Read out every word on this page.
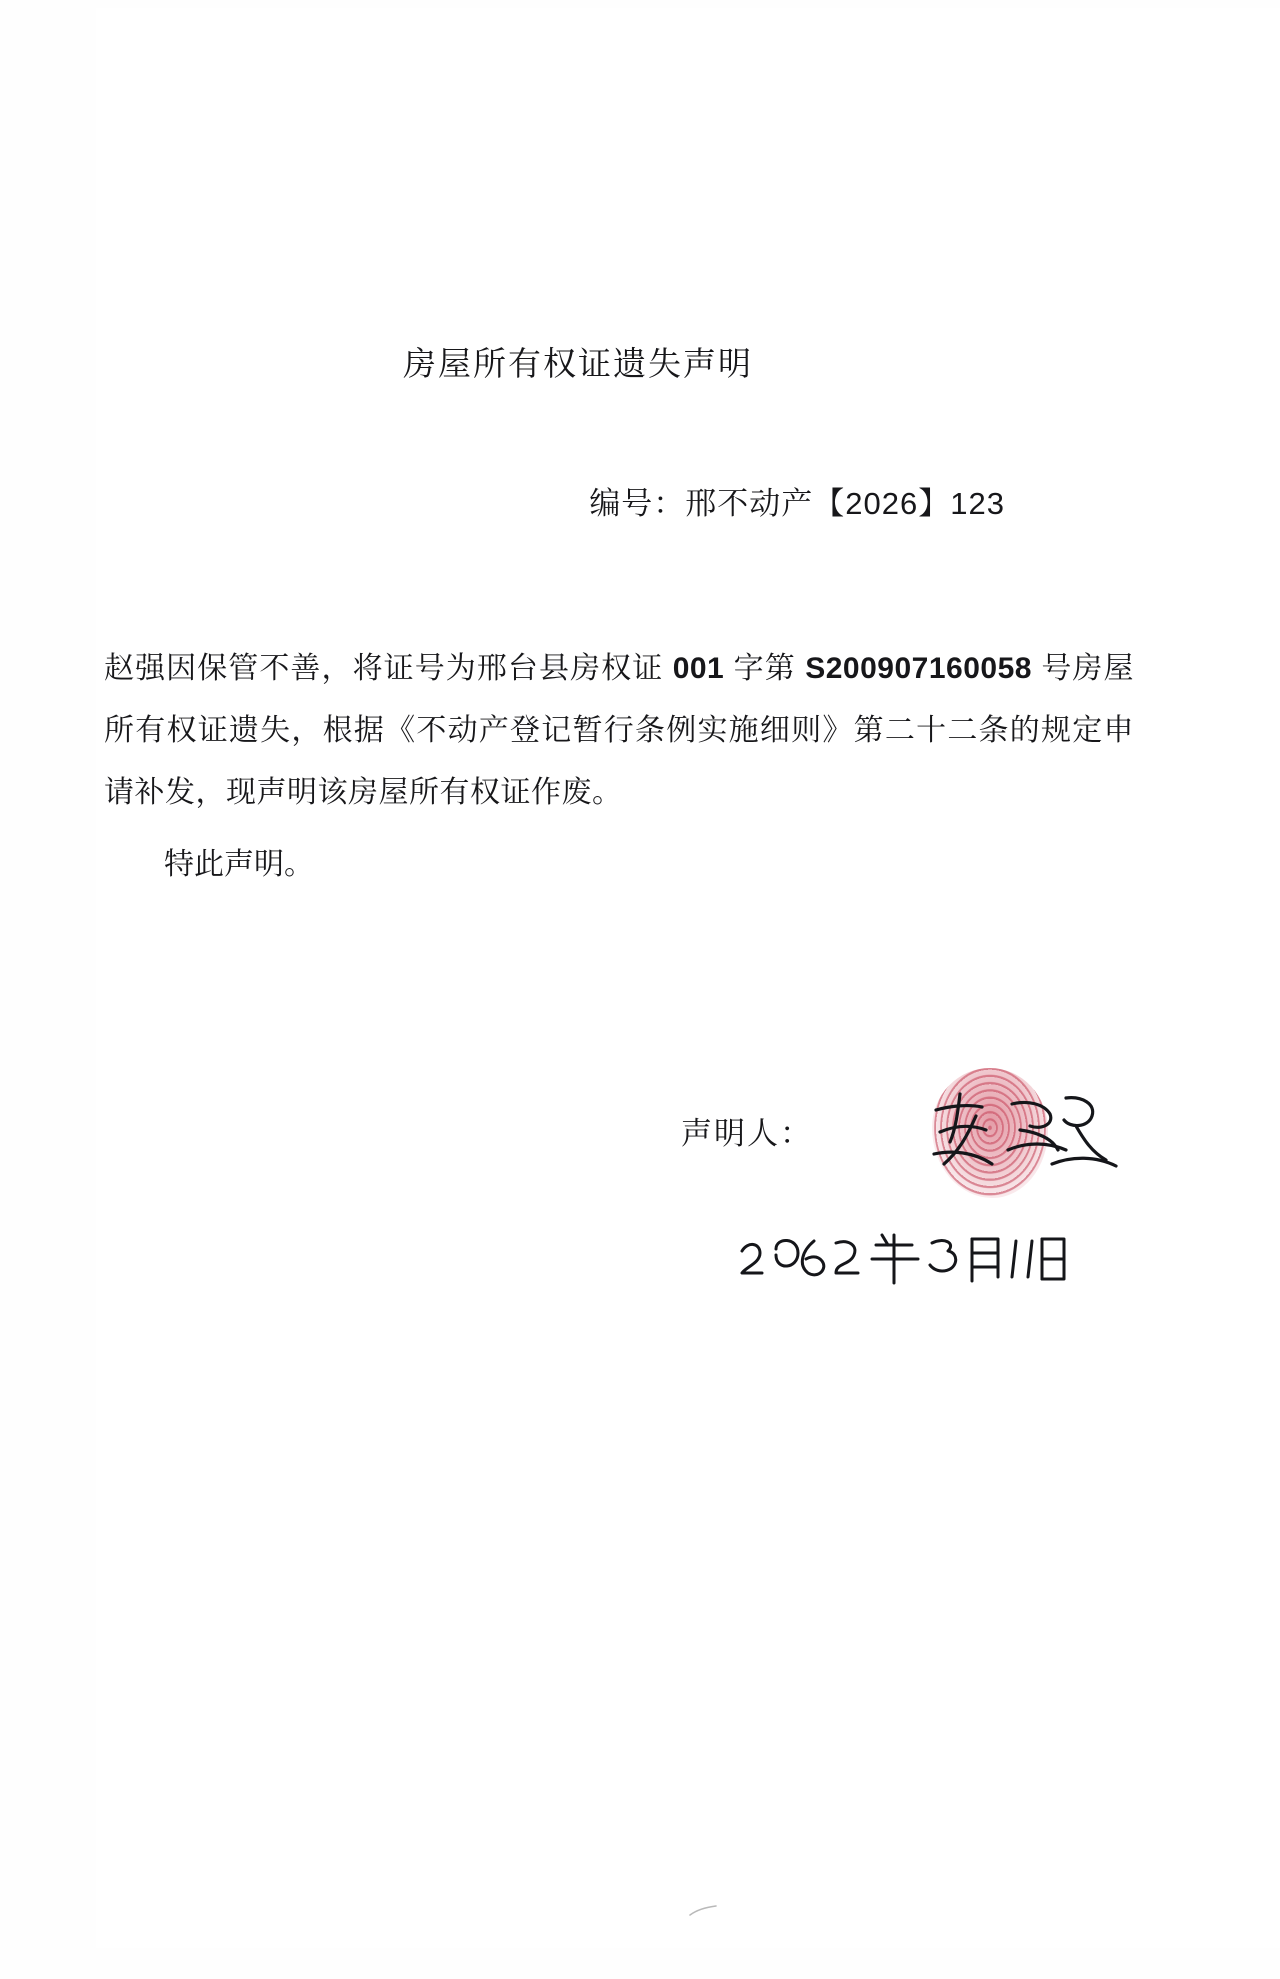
房屋所有权证遗失声明
编号：邢不动产【2026】123
赵强因保管不善，将证号为邢台县房权证 001 字第 S200907160058 号房屋所有权证遗失，根据《不动产登记暂行条例实施细则》第二十二条的规定申请补发，现声明该房屋所有权证作废。
特此声明。
声明人：
